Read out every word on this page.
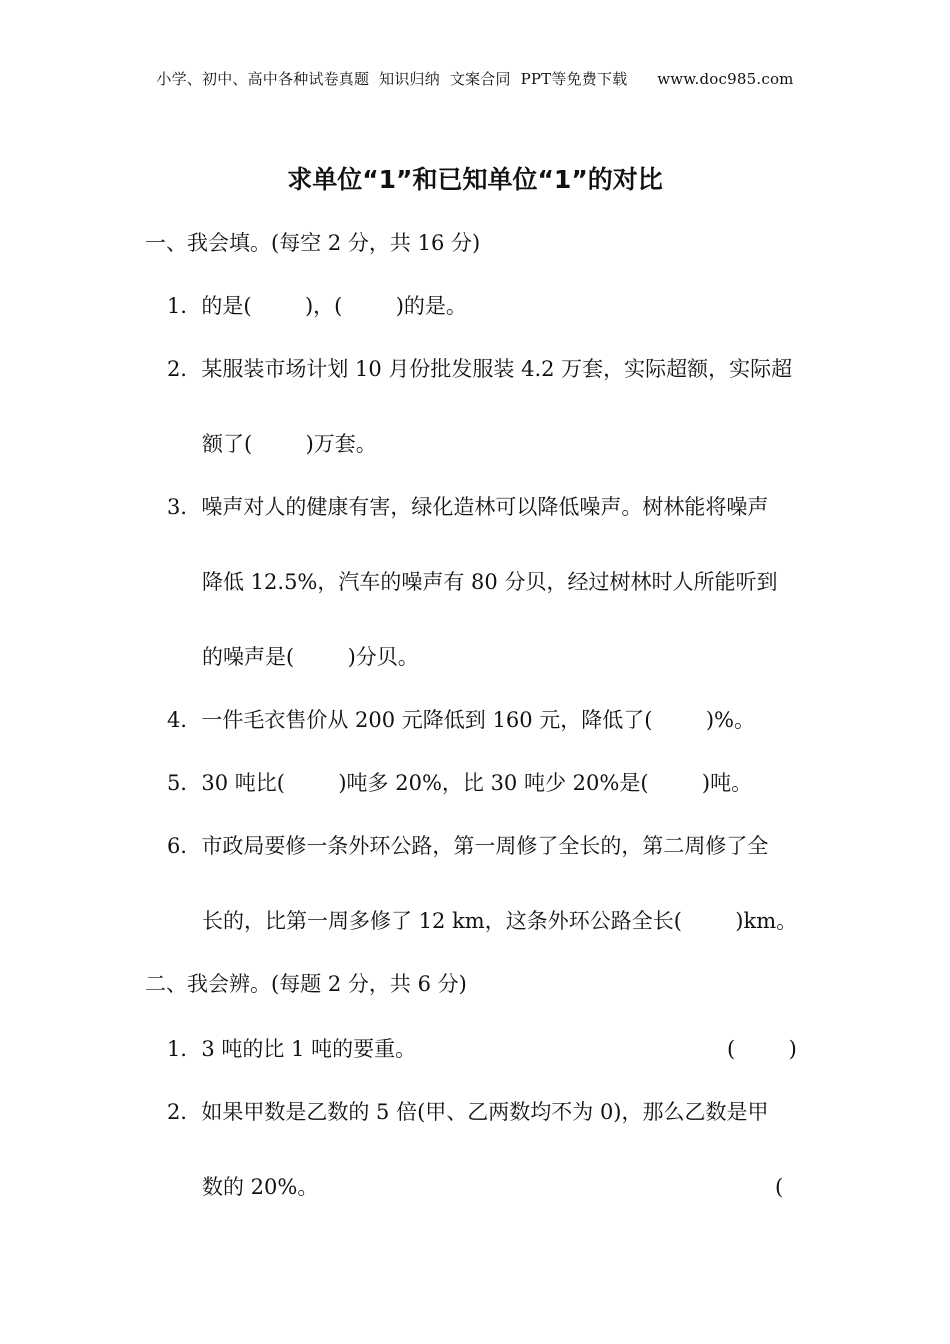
小学、初中、高中各种试卷真题  知识归纳  文案合同  PPT等免费下载      www.doc985.com
求单位“1”和已知单位“1”的对比
一、我会填。(每空 2 分，共 16 分)
1．的是(        )，(        )的是。
2．某服装市场计划 10 月份批发服装 4.2 万套，实际超额，实际超
额了(        )万套。
3．噪声对人的健康有害，绿化造林可以降低噪声。树林能将噪声
降低 12.5%，汽车的噪声有 80 分贝，经过树林时人所能听到
的噪声是(        )分贝。
4．一件毛衣售价从 200 元降低到 160 元，降低了(        )%。
5．30 吨比(        )吨多 20%，比 30 吨少 20%是(        )吨。
6．市政局要修一条外环公路，第一周修了全长的，第二周修了全
长的，比第一周多修了 12 km，这条外环公路全长(        )km。
二、我会辨。(每题 2 分，共 6 分)
1．3 吨的比 1 吨的要重。	(        )
2．如果甲数是乙数的 5 倍(甲、乙两数均不为 0)，那么乙数是甲
数的 20%。	(
